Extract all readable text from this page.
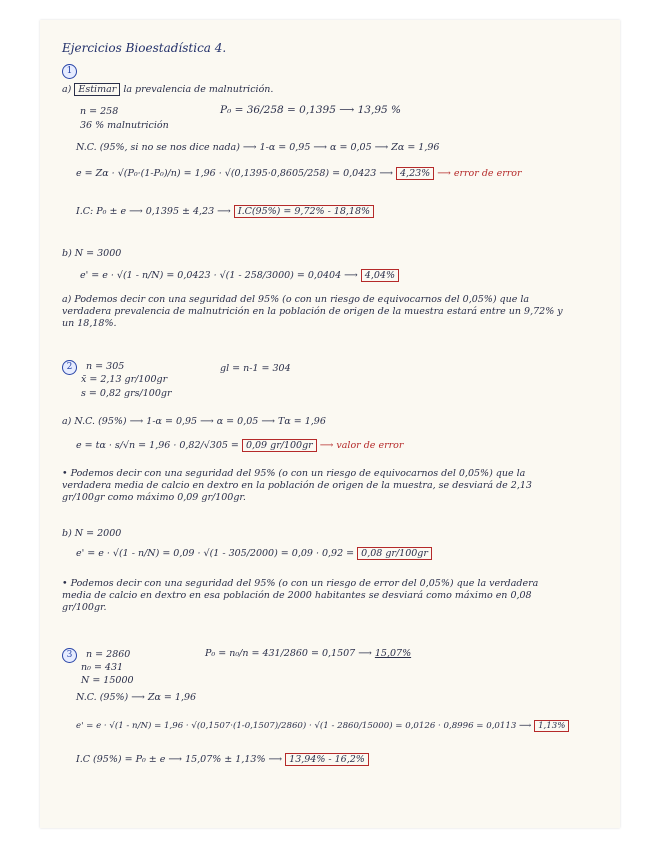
Ejercicios Bioestadística 4.
1
a) Estimar la prevalencia de malnutrición.
n = 258	P₀ = 36/258 = 0,1395 ⟶ 13,95 %
36 % malnutrición
N.C. (95%, si no se nos dice nada) ⟶ 1-α = 0,95 ⟶ α = 0,05 ⟶ Zα = 1,96
e = Zα · √(P₀·(1-P₀)/n) = 1,96 · √(0,1395·0,8605/258) = 0,0423 ⟶ 4,23% ⟶ error de error
I.C: P₀ ± e ⟶ 0,1395 ± 4,23 ⟶ I.C(95%) = 9,72% - 18,18%
b) N = 3000
e' = e · √(1 - n/N) = 0,0423 · √(1 - 258/3000) = 0,0404 ⟶ 4,04%
a) Podemos decir con una seguridad del 95% (o con un riesgo de equivocarnos del 0,05%) que la verdadera prevalencia de malnutrición en la población de origen de la muestra estará entre un 9,72% y un 18,18%.
2 n = 305	gl = n-1 = 304
x̄ = 2,13 gr/100gr
s = 0,82 grs/100gr
a) N.C. (95%) ⟶ 1-α = 0,95 ⟶ α = 0,05 ⟶ Tα = 1,96
e = tα · s/√n = 1,96 · 0,82/√305 = 0,09 gr/100gr ⟶ valor de error
• Podemos decir con una seguridad del 95% (o con un riesgo de equivocarnos del 0,05%) que la verdadera media de calcio en dextro en la población de origen de la muestra, se desviará de 2,13 gr/100gr como máximo 0,09 gr/100gr.
b) N = 2000
e' = e · √(1 - n/N) = 0,09 · √(1 - 305/2000) = 0,09 · 0,92 = 0,08 gr/100gr
• Podemos decir con una seguridad del 95% (o con un riesgo de error del 0,05%) que la verdadera media de calcio en dextro en esa población de 2000 habitantes se desviará como máximo en 0,08 gr/100gr.
3 n = 2860	P₀ = n₀/n = 431/2860 = 0,1507 ⟶ 15,07%
n₀ = 431
N = 15000
N.C. (95%) ⟶ Zα = 1,96
e' = e · √(1 - n/N) = 1,96 · √(0,1507·(1-0,1507)/2860) · √(1 - 2860/15000) = 0,0126 · 0,8996 = 0,0113 ⟶ 1,13%
I.C (95%) = P₀ ± e ⟶ 15,07% ± 1,13% ⟶ 13,94% - 16,2%
